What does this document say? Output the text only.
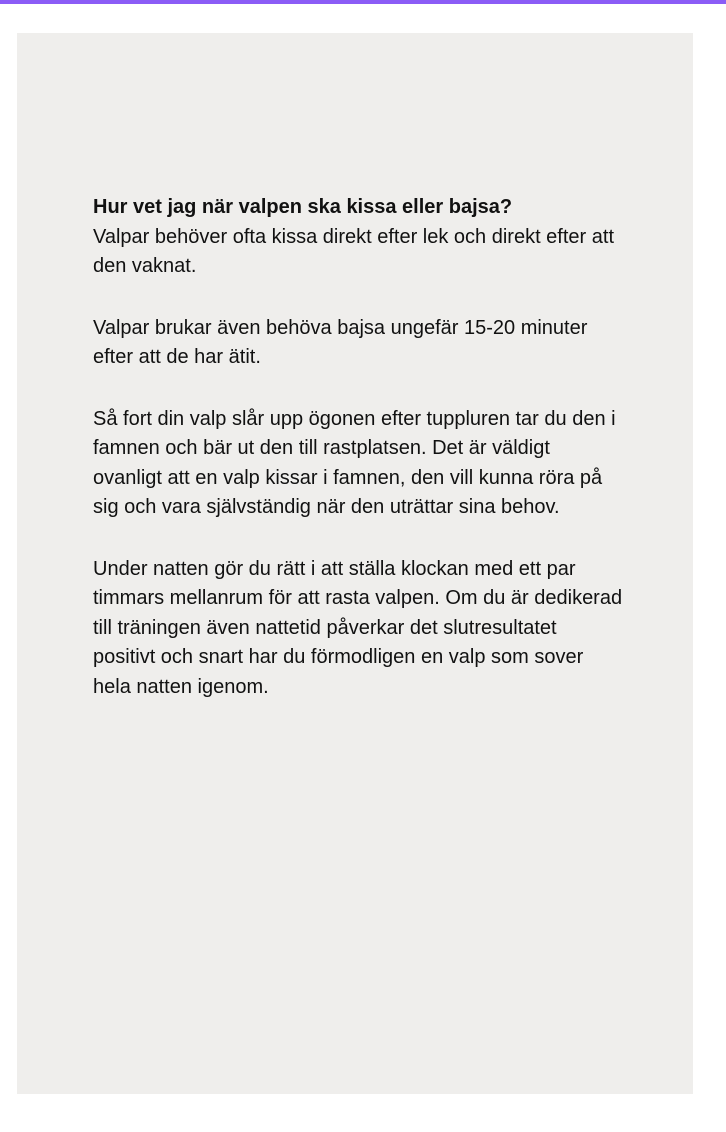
Hur vet jag när valpen ska kissa eller bajsa?

Valpar behöver ofta kissa direkt efter lek och direkt efter att den vaknat.

Valpar brukar även behöva bajsa ungefär 15-20 minuter efter att de har ätit.

Så fort din valp slår upp ögonen efter tuppluren tar du den i famnen och bär ut den till rastplatsen. Det är väldigt ovanligt att en valp kissar i famnen, den vill kunna röra på sig och vara självständig när den uträttar sina behov.

Under natten gör du rätt i att ställa klockan med ett par timmars mellanrum för att rasta valpen. Om du är dedikerad till träningen även nattetid påverkar det slutresultatet positivt och snart har du förmodligen en valp som sover hela natten igenom.
